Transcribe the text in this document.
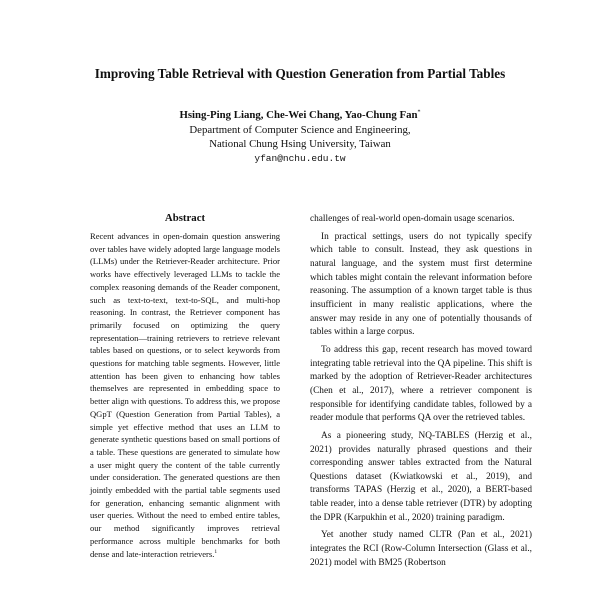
Improving Table Retrieval with Question Generation from Partial Tables
Hsing-Ping Liang, Che-Wei Chang, Yao-Chung Fan*
Department of Computer Science and Engineering,
National Chung Hsing University, Taiwan
yfan@nchu.edu.tw
Abstract

Recent advances in open-domain question answering over tables have widely adopted large language models (LLMs) under the Retriever-Reader architecture. Prior works have effectively leveraged LLMs to tackle the complex reasoning demands of the Reader component, such as text-to-text, text-to-SQL, and multi-hop reasoning. In contrast, the Retriever component has primarily focused on optimizing the query representation—training retrievers to retrieve relevant tables based on questions, or to select keywords from questions for matching table segments. However, little attention has been given to enhancing how tables themselves are represented in embedding space to better align with questions. To address this, we propose QGpT (Question Generation from Partial Tables), a simple yet effective method that uses an LLM to generate synthetic questions based on small portions of a table. These questions are generated to simulate how a user might query the content of the table currently under consideration. The generated questions are then jointly embedded with the partial table segments used for generation, enhancing semantic alignment with user queries. Without the need to embed entire tables, our method significantly improves retrieval performance across multiple benchmarks for both dense and late-interaction retrievers.$^1$

challenges of real-world open-domain usage scenarios.

In practical settings, users do not typically specify which table to consult. Instead, they ask questions in natural language, and the system must first determine which tables might contain the relevant information before reasoning. The assumption of a known target table is thus insufficient in many realistic applications, where the answer may reside in any one of potentially thousands of tables within a large corpus.

To address this gap, recent research has moved toward integrating table retrieval into the QA pipeline. This shift is marked by the adoption of Retriever-Reader architectures (Chen et al., 2017), where a retriever component is responsible for identifying candidate tables, followed by a reader module that performs QA over the retrieved tables.

As a pioneering study, NQ-TABLES (Herzig et al., 2021) provides naturally phrased questions and their corresponding answer tables extracted from the Natural Questions dataset (Kwiatkowski et al., 2019), and transforms TAPAS (Herzig et al., 2020), a BERT-based table reader, into a dense table retriever (DTR) by adopting the DPR (Karpukhin et al., 2020) training paradigm.

Yet another study named CLTR (Pan et al., 2021) integrates the RCI (Row-Column Intersection (Glass et al., 2021) model with BM25 (Robertson
